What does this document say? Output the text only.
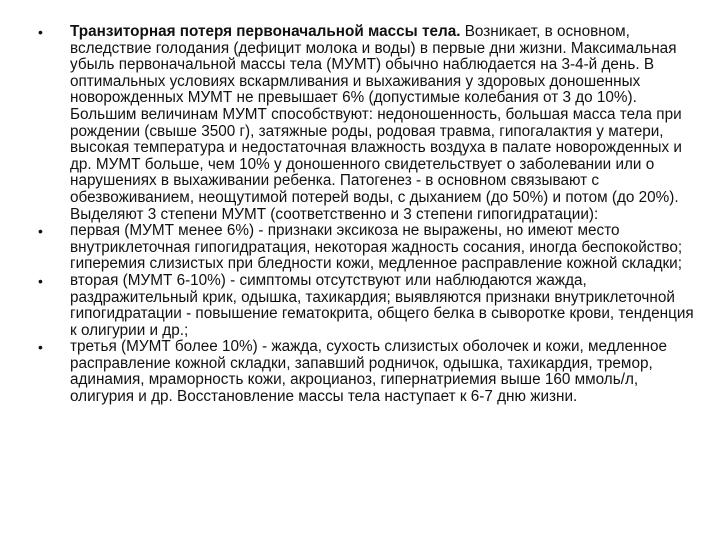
• Транзиторная потеря первоначальной массы тела. Возникает, в основном, вследствие голодания (дефицит молока и воды) в первые дни жизни. Максимальная убыль первоначальной массы тела (МУМТ) обычно наблюдается на 3-4-й день. В оптимальных условиях вскармливания и выхаживания у здоровых доношенных новорожденных МУМТ не превышает 6% (допустимые колебания от 3 до 10%). Большим величинам МУМТ способствуют: недоношенность, большая масса тела при рождении (свыше 3500 г), затяжные роды, родовая травма, гипогалактия у матери, высокая температура и недостаточная влажность воздуха в палате новорожденных и др. МУМТ больше, чем 10% у доношенного свидетельствует о заболевании или о нарушениях в выхаживании ребенка. Патогенез - в основном связывают с обезвоживанием, неощутимой потерей воды, с дыханием (до 50%) и потом (до 20%). Выделяют 3 степени МУМТ (соответственно и 3 степени гипогидратации):
• первая (МУМТ менее 6%) - признаки эксикоза не выражены, но имеют место внутриклеточная гипогидратация, некоторая жадность сосания, иногда беспокойство; гиперемия слизистых при бледности кожи, медленное расправление кожной складки;
• вторая (МУМТ 6-10%) - симптомы отсутствуют или наблюдаются жажда, раздражительный крик, одышка, тахикардия; выявляются признаки внутриклеточной гипогидратации - повышение гематокрита, общего белка в сыворотке крови, тенденция к олигурии и др.;
• третья (МУМТ более 10%) - жажда, сухость слизистых оболочек и кожи, медленное расправление кожной складки, запавший родничок, одышка, тахикардия, тремор, адинамия, мраморность кожи, акроцианоз, гипернатриемия выше 160 ммоль/л, олигурия и др. Восстановление массы тела наступает к 6-7 дню жизни.
